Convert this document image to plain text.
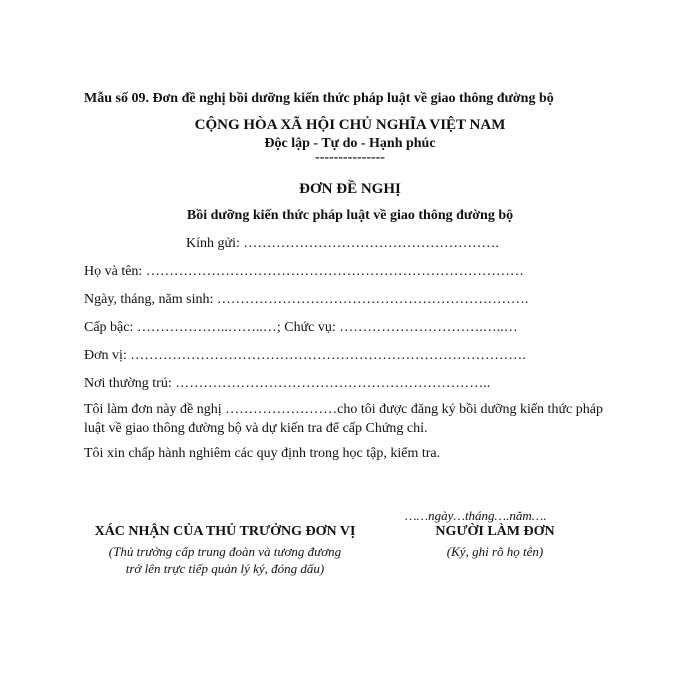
Mẫu số 09. Đơn đề nghị bồi dưỡng kiến thức pháp luật về giao thông đường bộ
CỘNG HÒA XÃ HỘI CHỦ NGHĨA VIỆT NAM
Độc lập - Tự do - Hạnh phúc
---------------
ĐƠN ĐỀ NGHỊ
Bồi dưỡng kiến thức pháp luật về giao thông đường bộ
Kính gửi: ……………………………………………….
Họ và tên: ………………………………………………………………………
Ngày, tháng, năm sinh: ………………………………………………………….
Cấp bậc: ………………..……..…; Chức vụ: ………………………….…..…
Đơn vị: ………………………………………………………………………….
Nơi thường trú: …………………………………………………………..
Tôi làm đơn này đề nghị ……………………cho tôi được đăng ký bồi dưỡng kiến thức pháp luật về giao thông đường bộ và dự kiến tra để cấp Chứng chỉ.
Tôi xin chấp hành nghiêm các quy định trong học tập, kiểm tra.
……ngày…tháng….năm….
XÁC NHẬN CỦA THỦ TRƯỞNG ĐƠN VỊ
(Thủ trưởng cấp trung đoàn và tương đương
trở lên trực tiếp quản lý ký, đóng dấu)
NGƯỜI LÀM ĐƠN
(Ký, ghi rõ họ tên)
